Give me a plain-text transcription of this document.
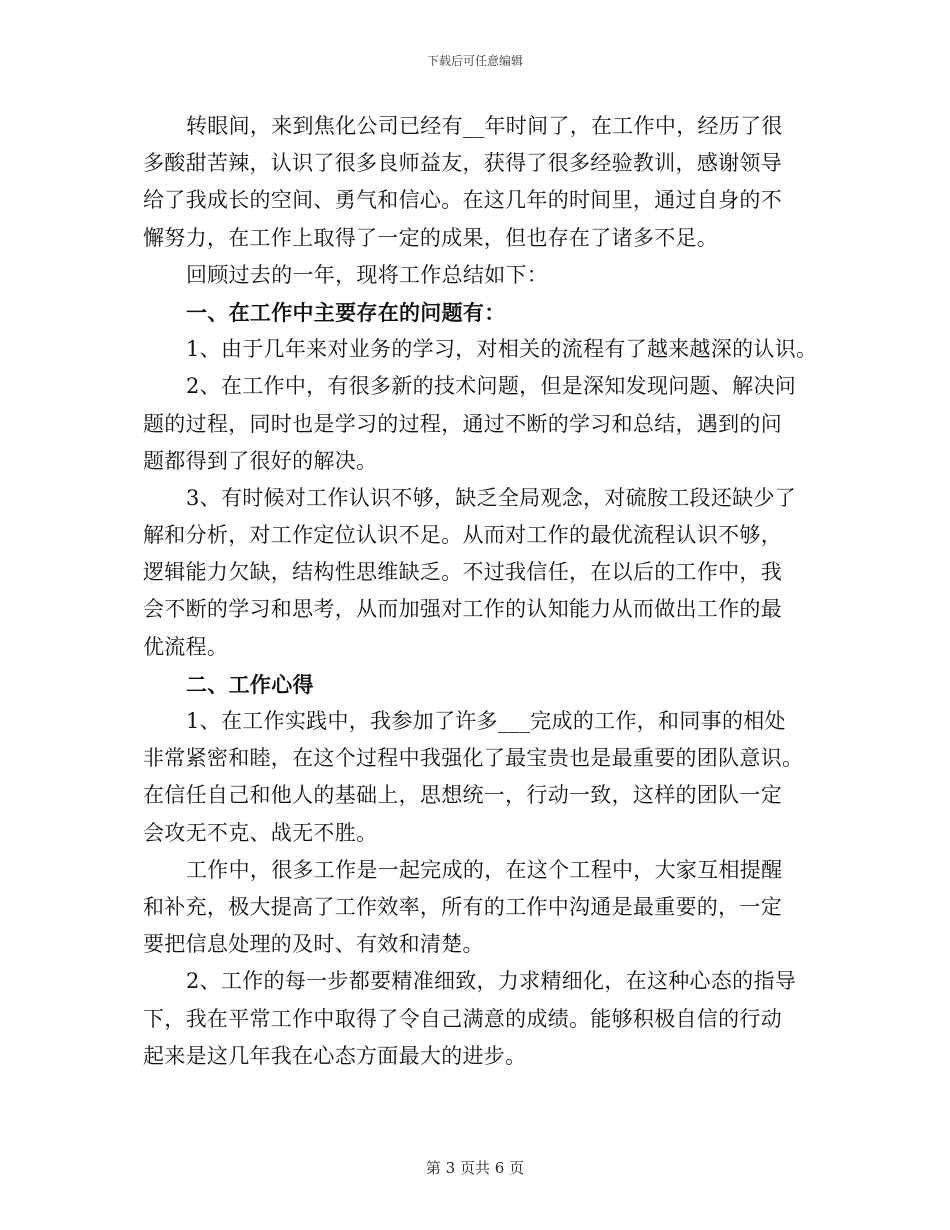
下载后可任意编辑
转眼间，来到焦化公司已经有__年时间了，在工作中，经历了很
多酸甜苦辣，认识了很多良师益友，获得了很多经验教训，感谢领导
给了我成长的空间、勇气和信心。在这几年的时间里，通过自身的不
懈努力，在工作上取得了一定的成果，但也存在了诸多不足。
回顾过去的一年，现将工作总结如下：
一、在工作中主要存在的问题有：
1、由于几年来对业务的学习，对相关的流程有了越来越深的认识。
2、在工作中，有很多新的技术问题，但是深知发现问题、解决问
题的过程，同时也是学习的过程，通过不断的学习和总结，遇到的问
题都得到了很好的解决。
3、有时候对工作认识不够，缺乏全局观念，对硫胺工段还缺少了
解和分析，对工作定位认识不足。从而对工作的最优流程认识不够，
逻辑能力欠缺，结构性思维缺乏。不过我信任，在以后的工作中，我
会不断的学习和思考，从而加强对工作的认知能力从而做出工作的最
优流程。
二、工作心得
1、在工作实践中，我参加了许多___完成的工作，和同事的相处
非常紧密和睦，在这个过程中我强化了最宝贵也是最重要的团队意识。
在信任自己和他人的基础上，思想统一，行动一致，这样的团队一定
会攻无不克、战无不胜。
工作中，很多工作是一起完成的，在这个工程中，大家互相提醒
和补充，极大提高了工作效率，所有的工作中沟通是最重要的，一定
要把信息处理的及时、有效和清楚。
2、工作的每一步都要精准细致，力求精细化，在这种心态的指导
下，我在平常工作中取得了令自己满意的成绩。能够积极自信的行动
起来是这几年我在心态方面最大的进步。
第 3 页共 6 页
